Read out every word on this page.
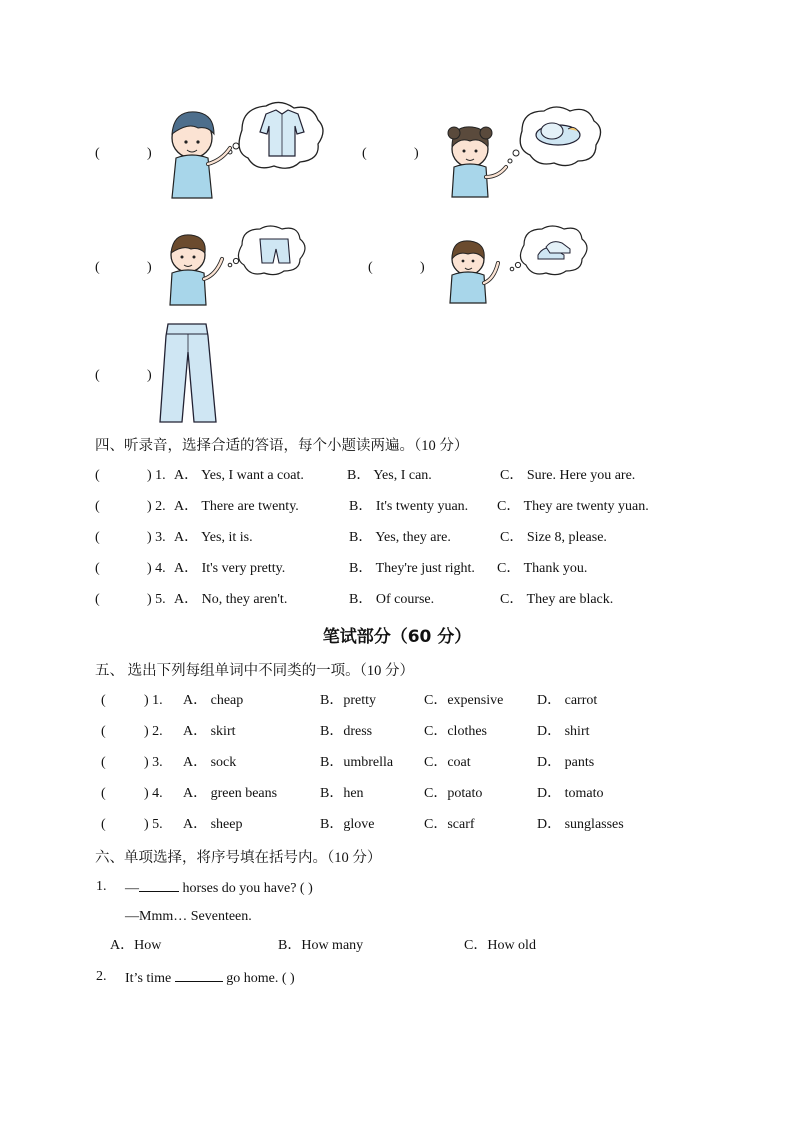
(	)	(	)
(	)	(	)
(	)
四、听录音，选择合适的答语，每个小题读两遍。（10 分）
(	) 1. A． Yes, I want a coat.	B． Yes, I can.	C． Sure. Here you are.
(	) 2. A． There are twenty.	B． It's twenty yuan. C． They are twenty yuan.
(	) 3. A． Yes, it is.	B． Yes, they are.	C． Size 8, please.
(	) 4. A． It's very pretty.	B． They're just right. C． Thank you.
(	) 5. A． No, they aren't.	B． Of course.	C． They are black.
笔试部分（60 分）
五、 选出下列每组单词中不同类的一项。（10 分）
(	) 1. A． cheap	B．pretty	C．expensive D． carrot
(	) 2. A． skirt	B．dress	C．clothes	D． shirt
(	) 3. A． sock	B．umbrella C．coat	D． pants
(	) 4. A． green beans	B．hen	C．potato	D． tomato
(	) 5. A． sheep	B．glove	C．scarf	D． sunglasses
六、单项选择，将序号填在括号内。（10 分）
1. —	horses do you have? ( )
—Mmm… Seventeen.
A．How	B．How many	C．How old
2. It’s time	go home. ( )
